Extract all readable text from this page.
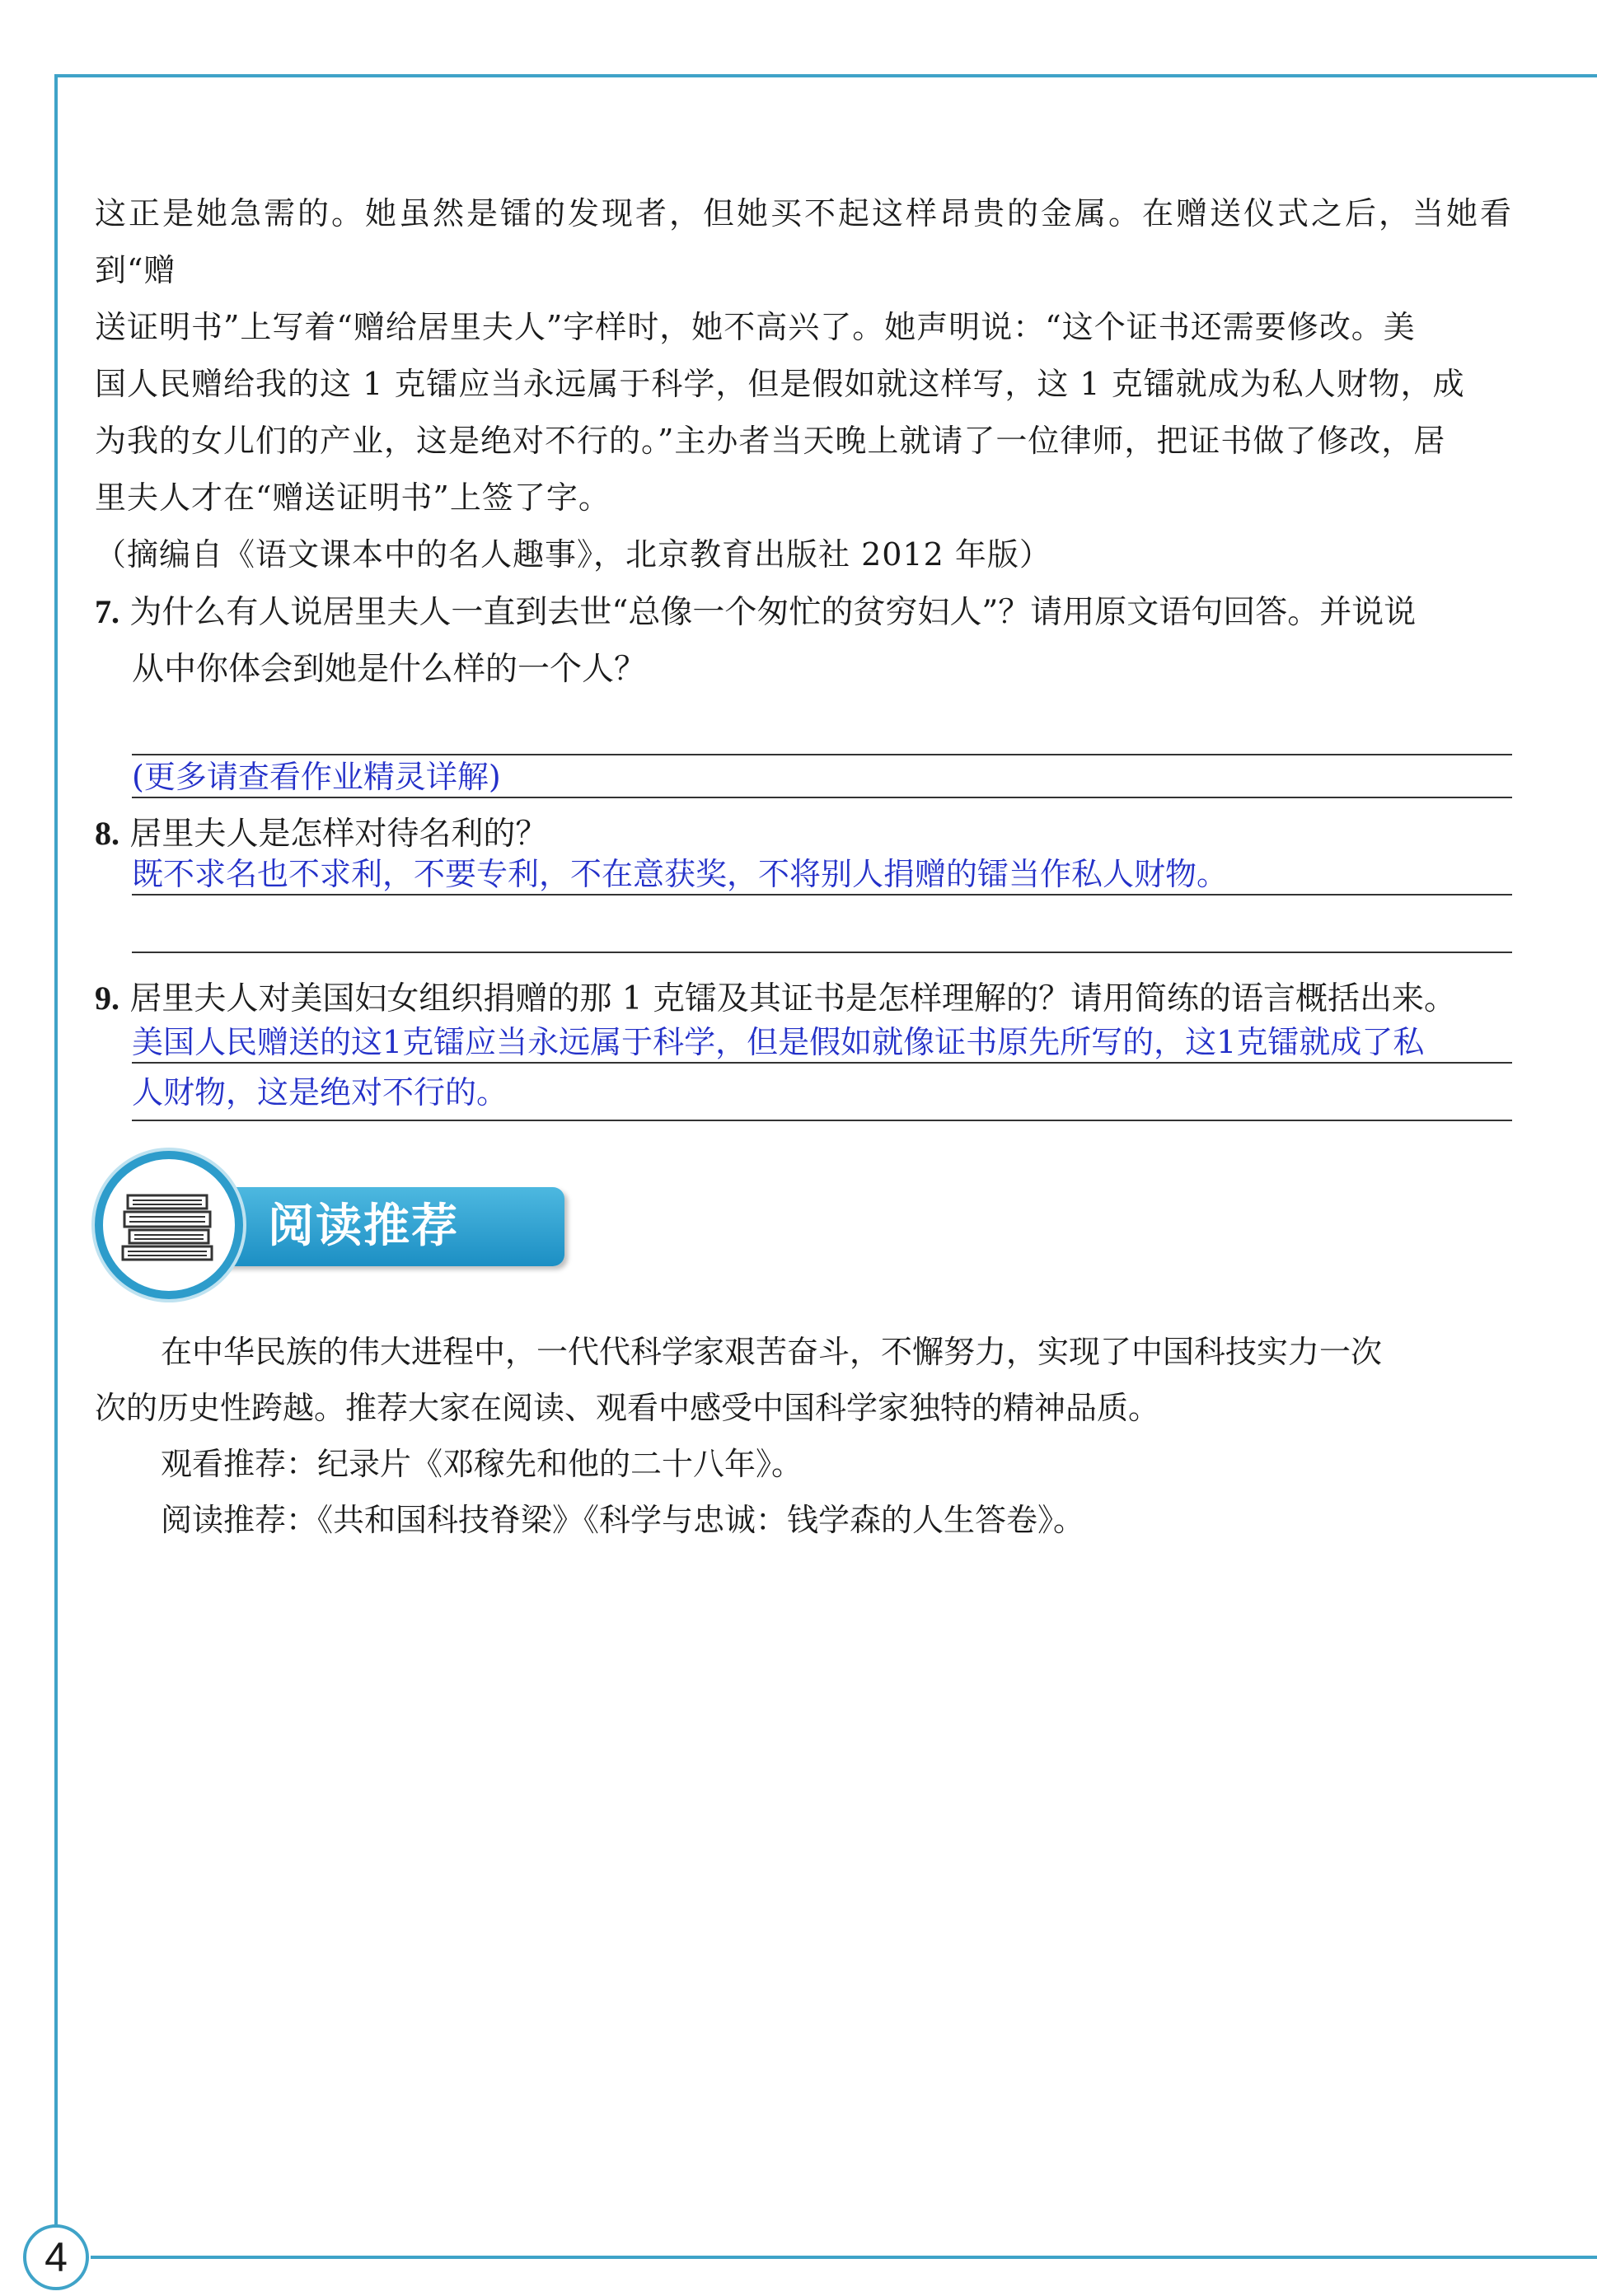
4

这正是她急需的。她虽然是镭的发现者，但她买不起这样昂贵的金属。在赠送仪式之后，当她看到“赠

送证明书”上写着“赠给居里夫人”字样时，她不高兴了。她声明说：“这个证书还需要修改。美

国人民赠给我的这 1 克镭应当永远属于科学，但是假如就这样写，这 1 克镭就成为私人财物，成

为我的女儿们的产业，这是绝对不行的。”主办者当天晚上就请了一位律师，把证书做了修改，居

里夫人才在“赠送证明书”上签了字。

（摘编自《语文课本中的名人趣事》，北京教育出版社 2012 年版）

7. 为什么有人说居里夫人一直到去世“总像一个匆忙的贫穷妇人”？请用原文语句回答。并说说
从中你体会到她是什么样的一个人？
(更多请查看作业精灵详解)
8. 居里夫人是怎样对待名利的？
既不求名也不求利，不要专利，不在意获奖，不将别人捐赠的镭当作私人财物。
9. 居里夫人对美国妇女组织捐赠的那 1 克镭及其证书是怎样理解的？请用简练的语言概括出来。
美国人民赠送的这1克镭应当永远属于科学，但是假如就像证书原先所写的，这1克镭就成了私
人财物，这是绝对不行的。
阅读推荐

在中华民族的伟大进程中，一代代科学家艰苦奋斗，不懈努力，实现了中国科技实力一次

次的历史性跨越。推荐大家在阅读、观看中感受中国科学家独特的精神品质。

观看推荐：纪录片《邓稼先和他的二十八年》。

阅读推荐：《共和国科技脊梁》《科学与忠诚：钱学森的人生答卷》。
